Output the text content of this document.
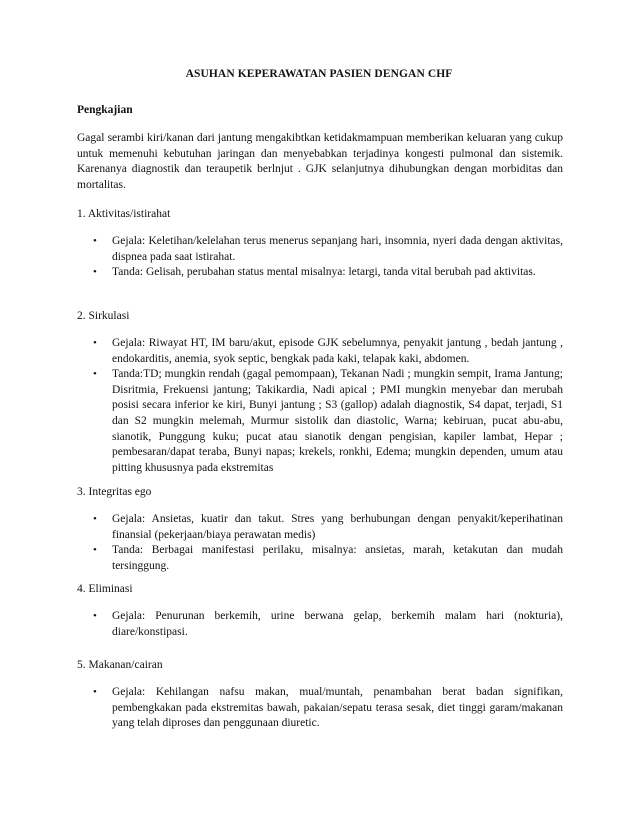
ASUHAN KEPERAWATAN PASIEN DENGAN CHF
Pengkajian

Gagal serambi kiri/kanan dari jantung mengakibtkan ketidakmampuan memberikan keluaran yang cukup untuk memenuhi kebutuhan jaringan dan menyebabkan terjadinya kongesti pulmonal dan sistemik. Karenanya diagnostik dan teraupetik berlnjut . GJK selanjutnya dihubungkan dengan morbiditas dan mortalitas.

1. Aktivitas/istirahat
• Gejala: Keletihan/kelelahan terus menerus sepanjang hari, insomnia, nyeri dada dengan aktivitas, dispnea pada saat istirahat.
• Tanda: Gelisah, perubahan status mental misalnya: letargi, tanda vital berubah pad aktivitas.
2. Sirkulasi
• Gejala: Riwayat HT, IM baru/akut, episode GJK sebelumnya, penyakit jantung , bedah jantung , endokarditis, anemia, syok septic, bengkak pada kaki, telapak kaki, abdomen.
• Tanda:TD; mungkin rendah (gagal pemompaan), Tekanan Nadi ; mungkin sempit, Irama Jantung; Disritmia, Frekuensi jantung; Takikardia, Nadi apical ; PMI mungkin menyebar dan merubah posisi secara inferior ke kiri, Bunyi jantung ; S3 (gallop) adalah diagnostik, S4 dapat, terjadi, S1 dan S2 mungkin melemah, Murmur sistolik dan diastolic, Warna; kebiruan, pucat abu-abu, sianotik, Punggung kuku; pucat atau sianotik dengan pengisian, kapiler lambat, Hepar ; pembesaran/dapat teraba, Bunyi napas; krekels, ronkhi, Edema; mungkin dependen, umum atau pitting khususnya pada ekstremitas
3. Integritas ego
• Gejala: Ansietas, kuatir dan takut. Stres yang berhubungan dengan penyakit/keperihatinan finansial (pekerjaan/biaya perawatan medis)
• Tanda: Berbagai manifestasi perilaku, misalnya: ansietas, marah, ketakutan dan mudah tersinggung.
4. Eliminasi
• Gejala: Penurunan berkemih, urine berwana gelap, berkemih malam hari (nokturia), diare/konstipasi.
5. Makanan/cairan
• Gejala: Kehilangan nafsu makan, mual/muntah, penambahan berat badan signifikan, pembengkakan pada ekstremitas bawah, pakaian/sepatu terasa sesak, diet tinggi garam/makanan yang telah diproses dan penggunaan diuretic.
